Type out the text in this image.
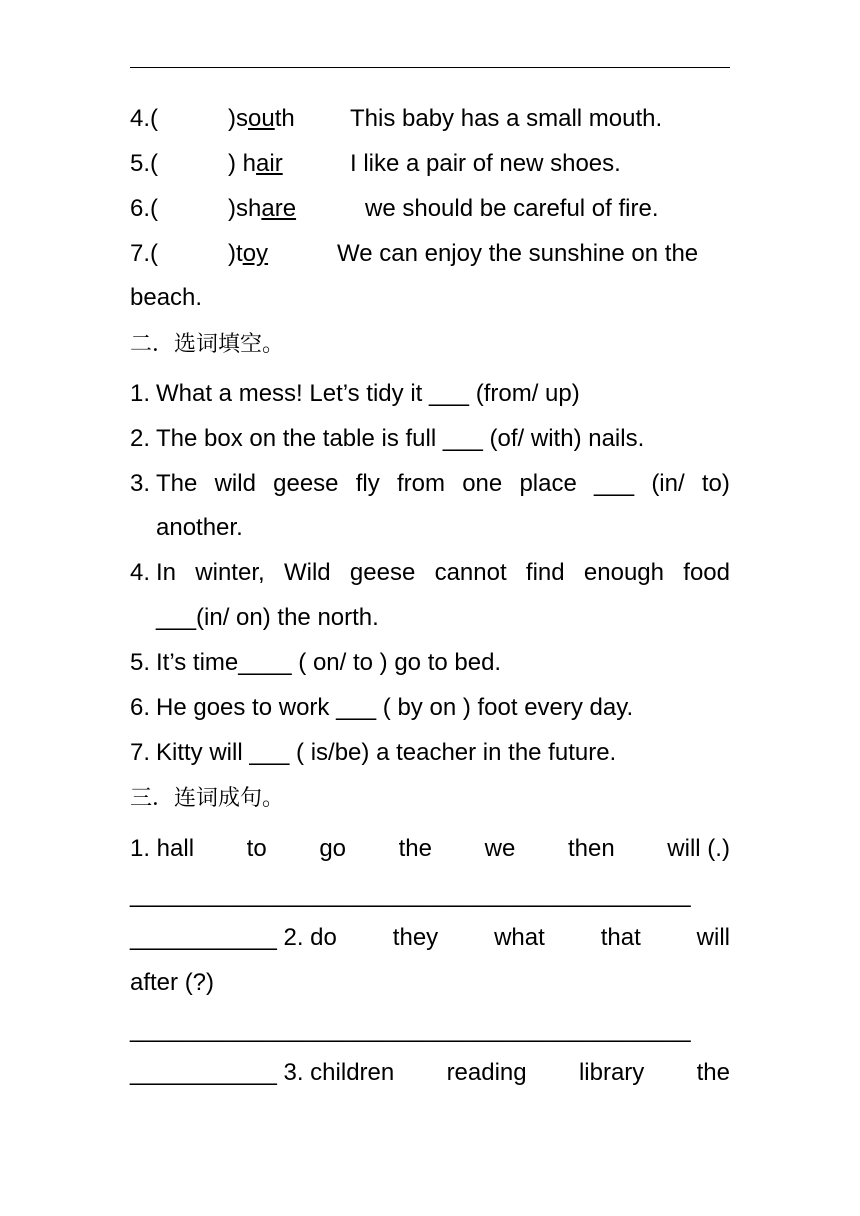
4.(	)south This baby has a small mouth.
5.(	) hair	I like a pair of new shoes.
6.(	)share	we should be careful of fire.
7.(	)toy	We can enjoy the sunshine on the
beach.
二．选词填空。
1. What a mess! Let’s tidy it ___ (from/ up)
2. The box on the table is full ___ (of/ with) nails.
3. The wild geese fly from one place ___ (in/ to)
another.
4. In winter, Wild geese cannot find enough food
___(in/ on) the north.
5. It’s time____ ( on/ to ) go to bed.
6. He goes to work ___ ( by on ) foot every day.
7. Kitty will ___ ( is/be) a teacher in the future.
三．连词成句。
1. hall to go the we then will (.)
__________________________________________
___________ 2. do they what that will
after (?)
__________________________________________
___________ 3. children reading library the
